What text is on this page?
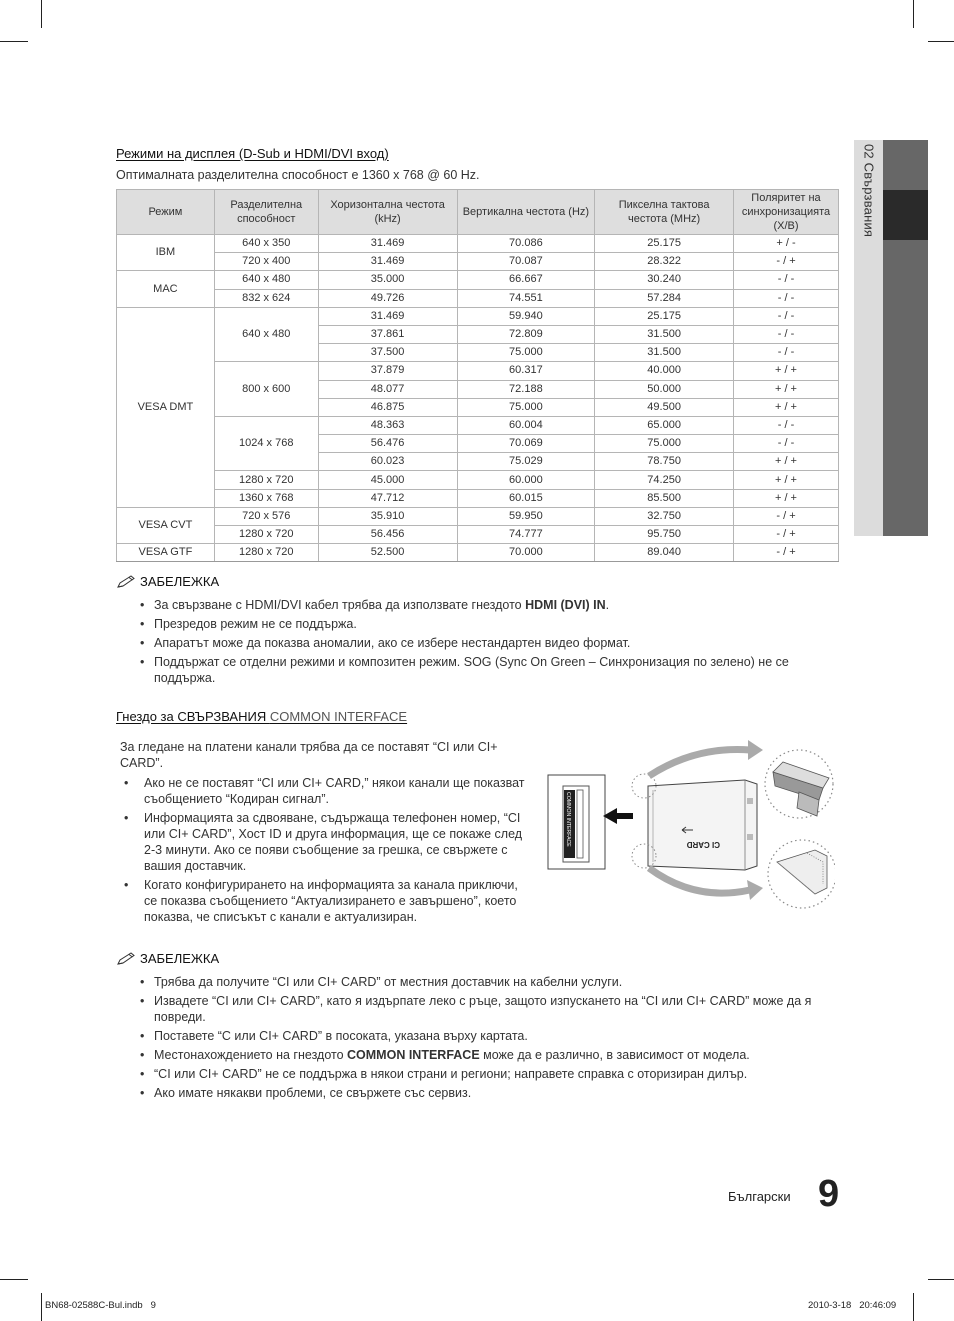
02 Свързвания
Режими на дисплея (D-Sub и HDMI/DVI вход)
Оптималната разделителна способност е 1360 x 768 @ 60 Hz.
Режим	Разделителна способност	Хоризонтална честота (kHz)	Вертикална честота (Hz)	Пикселна тактова честота (MHz)	Поляритет на синхронизацията (Х/В)
IBM	640 x 350	31.469	70.086	25.175	+ / -
	720 x 400	31.469	70.087	28.322	- / +
MAC	640 x 480	35.000	66.667	30.240	- / -
	832 x 624	49.726	74.551	57.284	- / -
VESA DMT	640 x 480	31.469	59.940	25.175	- / -
		37.861	72.809	31.500	- / -
		37.500	75.000	31.500	- / -
	800 x 600	37.879	60.317	40.000	+ / +
		48.077	72.188	50.000	+ / +
		46.875	75.000	49.500	+ / +
	1024 x 768	48.363	60.004	65.000	- / -
		56.476	70.069	75.000	- / -
		60.023	75.029	78.750	+ / +
	1280 x 720	45.000	60.000	74.250	+ / +
	1360 x 768	47.712	60.015	85.500	+ / +
VESA CVT	720 x 576	35.910	59.950	32.750	- / +
	1280 x 720	56.456	74.777	95.750	- / +
VESA GTF	1280 x 720	52.500	70.000	89.040	- / +
ЗАБЕЛЕЖКА
• За свързване с HDMI/DVI кабел трябва да използвате гнездото HDMI (DVI) IN.
• Презредов режим не се поддържа.
• Апаратът може да показва аномалии, ако се избере нестандартен видео формат.
• Поддържат се отделни режими и композитен режим. SOG (Sync On Green – Синхронизация по зелено) не се поддържа.
Гнездо за СВЪРЗВАНИЯ COMMON INTERFACE
За гледане на платени канали трябва да се поставят “CI или CI+ CARD”.
• Ако не се поставят “CI или CI+ CARD,” някои канали ще показват съобщението “Кодиран сигнал”.
• Информацията за сдвояване, съдържаща телефонен номер, “CI или CI+ CARD”, Хост ID и друга информация, ще се покаже след 2-3 минути. Ако се появи съобщение за грешка, се свържете с вашия доставчик.
• Когато конфигурирането на информацията за канала приключи, се показва съобщението “Актуализирането е завършено”, което показва, че списъкът с канали е актуализиран.
COMMON INTERFACE	CI CARD
ЗАБЕЛЕЖКА
• Трябва да получите “CI или CI+ CARD” от местния доставчик на кабелни услуги.
• Извадете “CI или CI+ CARD”, като я издърпате леко с ръце, защото изпускането на “CI или CI+ CARD” може да я повреди.
• Поставете “C или CI+ CARD” в посоката, указана върху картата.
• Местонахождението на гнездото COMMON INTERFACE може да е различно, в зависимост от модела.
• “CI или CI+ CARD” не се поддържа в някои страни и региони; направете справка с оторизиран дилър.
• Ако имате някакви проблеми, се свържете със сервиз.
Български 9
BN68-02588C-Bul.indb   9	2010-3-18   20:46:09
